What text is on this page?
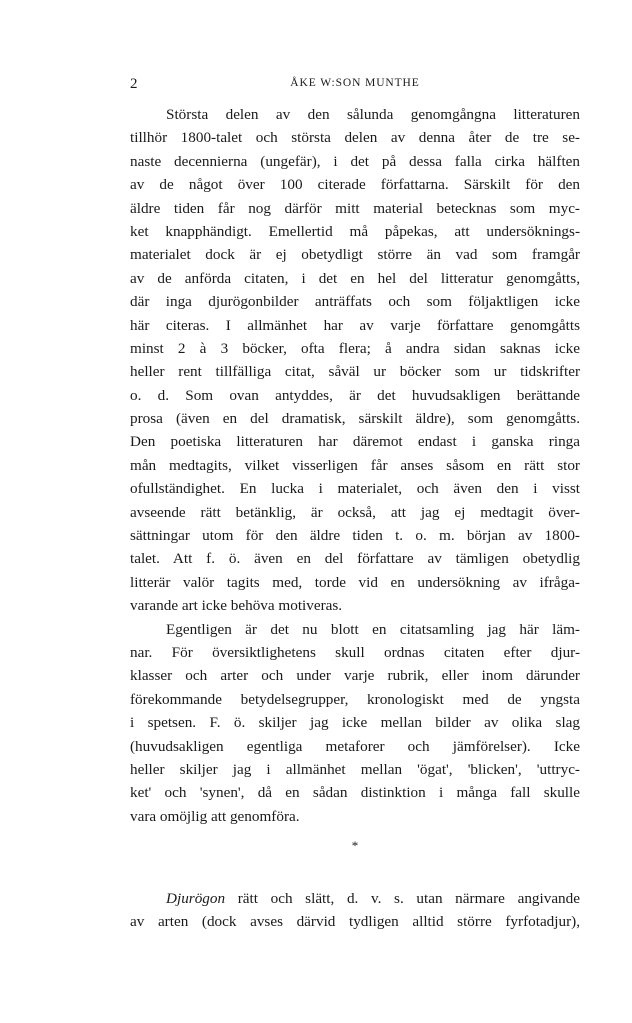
2	ÅKE W:SON MUNTHE
Största delen av den sålunda genomgångna litteraturen
tillhör 1800-talet och största delen av denna åter de tre se-
naste decennierna (ungefär), i det på dessa falla cirka hälften
av de något över 100 citerade författarna. Särskilt för den
äldre tiden får nog därför mitt material betecknas som myc-
ket knapphändigt. Emellertid må påpekas, att undersöknings-
materialet dock är ej obetydligt större än vad som framgår
av de anförda citaten, i det en hel del litteratur genomgåtts,
där inga djurögonbilder anträffats och som följaktligen icke
här citeras. I allmänhet har av varje författare genomgåtts
minst 2 à 3 böcker, ofta flera; å andra sidan saknas icke
heller rent tillfälliga citat, såväl ur böcker som ur tidskrifter
o. d. Som ovan antyddes, är det huvudsakligen berättande
prosa (även en del dramatisk, särskilt äldre), som genomgåtts.
Den poetiska litteraturen har däremot endast i ganska ringa
mån medtagits, vilket visserligen får anses såsom en rätt stor
ofullständighet. En lucka i materialet, och även den i visst
avseende rätt betänklig, är också, att jag ej medtagit över-
sättningar utom för den äldre tiden t. o. m. början av 1800-
talet. Att f. ö. även en del författare av tämligen obetydlig
litterär valör tagits med, torde vid en undersökning av ifråga-
varande art icke behöva motiveras.
Egentligen är det nu blott en citatsamling jag här läm-
nar. För översiktlighetens skull ordnas citaten efter djur-
klasser och arter och under varje rubrik, eller inom därunder
förekommande betydelsegrupper, kronologiskt med de yngsta
i spetsen. F. ö. skiljer jag icke mellan bilder av olika slag
(huvudsakligen egentliga metaforer och jämförelser). Icke
heller skiljer jag i allmänhet mellan 'ögat', 'blicken', 'uttryc-
ket' och 'synen', då en sådan distinktion i många fall skulle
vara omöjlig att genomföra.
*
Djurögon rätt och slätt, d. v. s. utan närmare angivande
av arten (dock avses därvid tydligen alltid större fyrfotadjur),
